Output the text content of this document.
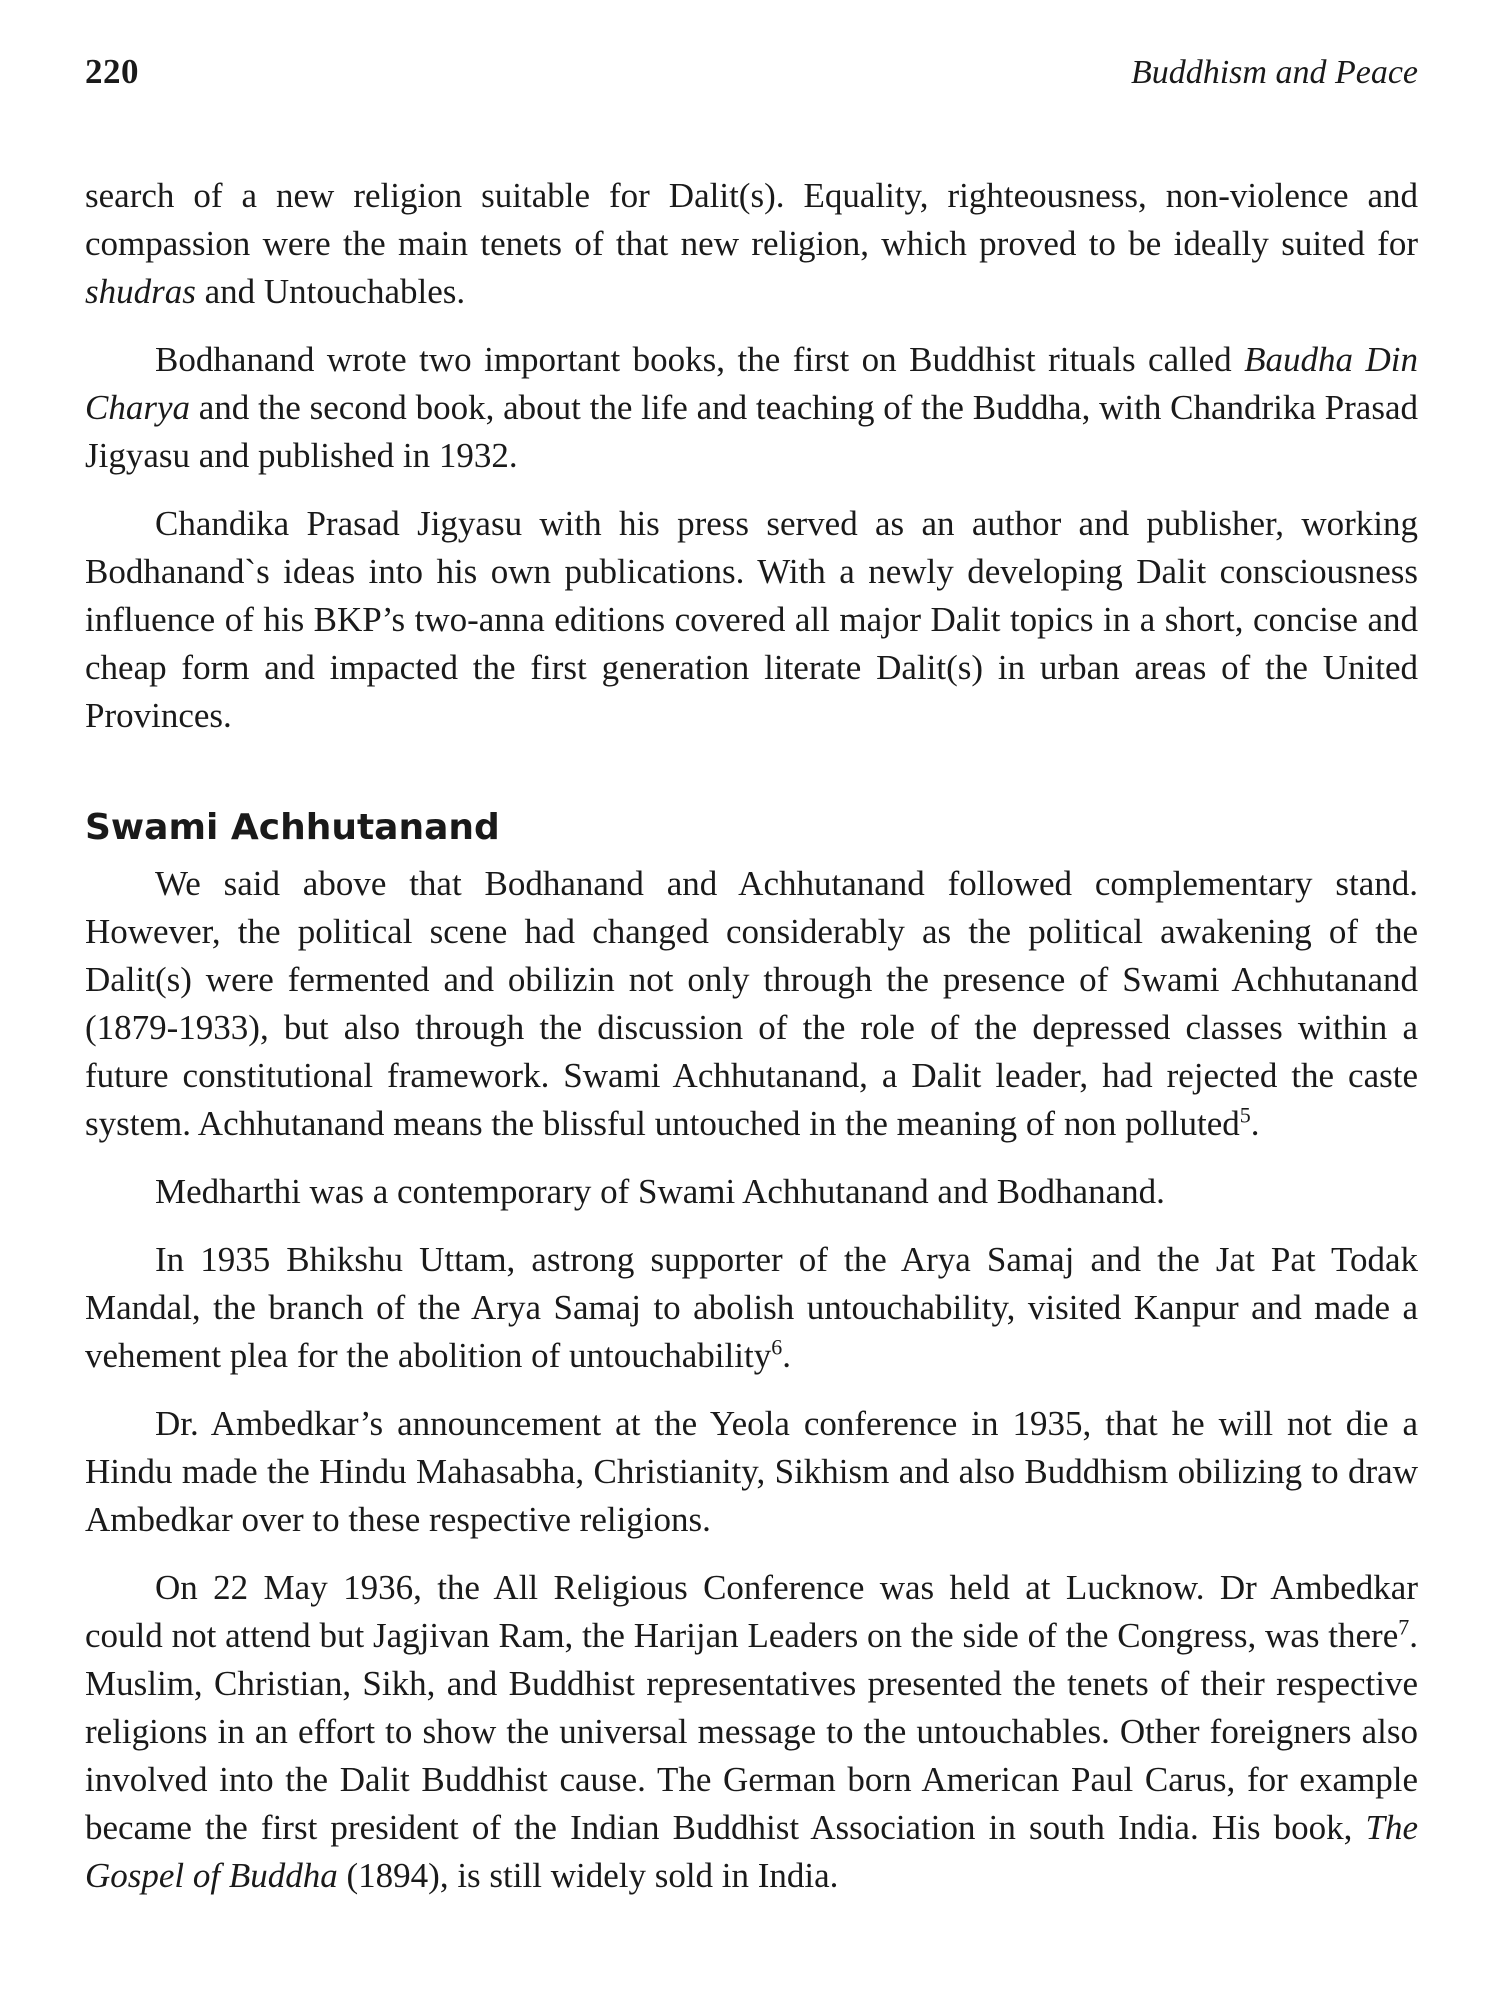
220	Buddhism and Peace

search of a new religion suitable for Dalit(s). Equality, righteousness, non-violence and compassion were the main tenets of that new religion, which proved to be ideally suited for shudras and Untouchables.

Bodhanand wrote two important books, the first on Buddhist rituals called Baudha Din Charya and the second book, about the life and teaching of the Buddha, with Chandrika Prasad Jigyasu and published in 1932.

Chandika Prasad Jigyasu with his press served as an author and publisher, working Bodhanand`s ideas into his own publications. With a newly developing Dalit consciousness influence of his BKP’s two-anna editions covered all major Dalit topics in a short, concise and cheap form and impacted the first generation literate Dalit(s) in urban areas of the United Provinces.

Swami Achhutanand

We said above that Bodhanand and Achhutanand followed complementary stand. However, the political scene had changed considerably as the political awakening of the Dalit(s) were fermented and obilizin not only through the presence of Swami Achhutanand (1879-1933), but also through the discussion of the role of the depressed classes within a future constitutional framework. Swami Achhutanand, a Dalit leader, had rejected the caste system. Achhutanand means the blissful untouched in the meaning of non polluted$^5$.

Medharthi was a contemporary of Swami Achhutanand and Bodhanand.

In 1935 Bhikshu Uttam, astrong supporter of the Arya Samaj and the Jat Pat Todak Mandal, the branch of the Arya Samaj to abolish untouchability, visited Kanpur and made a vehement plea for the abolition of untouchability$^6$.

Dr. Ambedkar’s announcement at the Yeola conference in 1935, that he will not die a Hindu made the Hindu Mahasabha, Christianity, Sikhism and also Buddhism obilizing to draw Ambedkar over to these respective religions.

On 22 May 1936, the All Religious Conference was held at Lucknow. Dr Ambedkar could not attend but Jagjivan Ram, the Harijan Leaders on the side of the Congress, was there$^7$. Muslim, Christian, Sikh, and Buddhist representatives presented the tenets of their respective religions in an effort to show the universal message to the untouchables. Other foreigners also involved into the Dalit Buddhist cause. The German born American Paul Carus, for example became the first president of the Indian Buddhist Association in south India. His book, The Gospel of Buddha (1894), is still widely sold in India.
